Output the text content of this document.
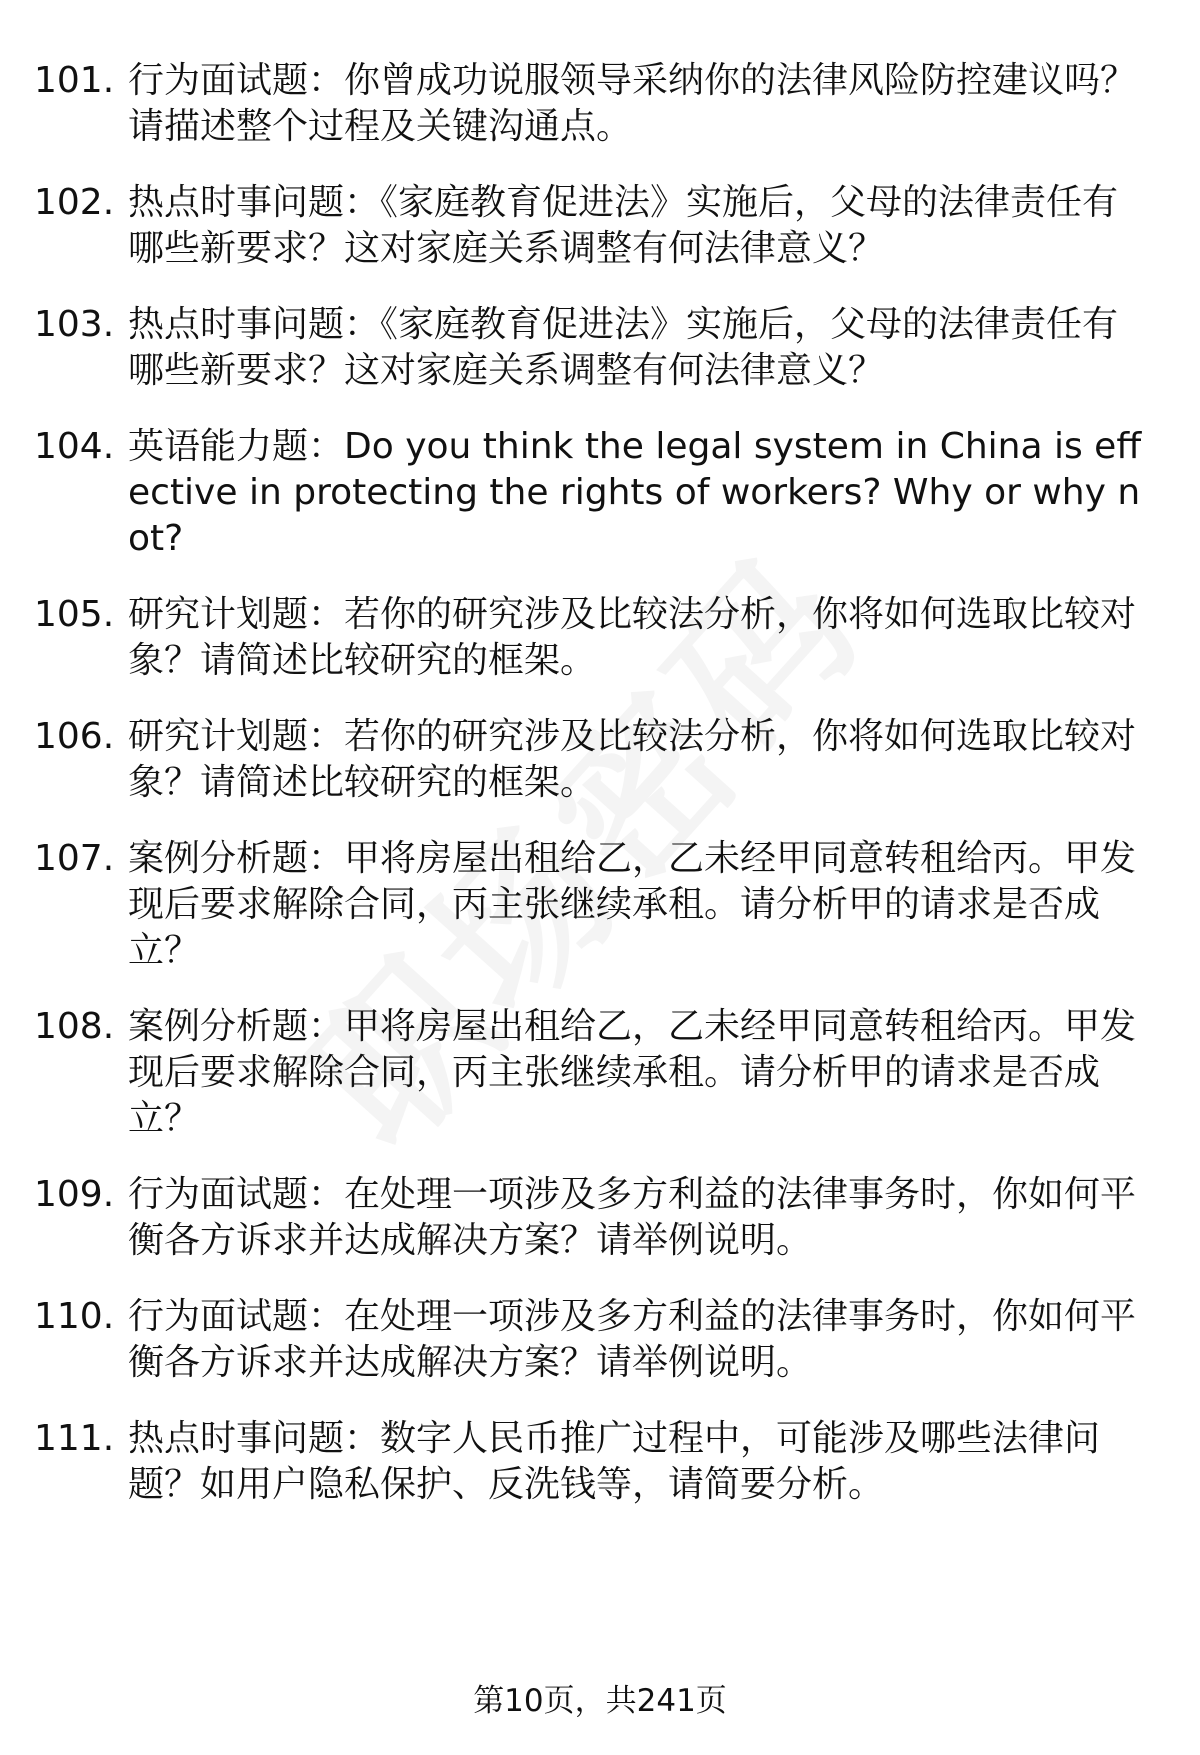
101. 行为面试题：你曾成功说服领导采纳你的法律风险防控建议吗？请描述整个过程及关键沟通点。
102. 热点时事问题：《家庭教育促进法》实施后，父母的法律责任有哪些新要求？这对家庭关系调整有何法律意义？
103. 热点时事问题：《家庭教育促进法》实施后，父母的法律责任有哪些新要求？这对家庭关系调整有何法律意义？
104. 英语能力题：Do you think the legal system in China is effective in protecting the rights of workers? Why or why not?
105. 研究计划题：若你的研究涉及比较法分析，你将如何选取比较对象？请简述比较研究的框架。
106. 研究计划题：若你的研究涉及比较法分析，你将如何选取比较对象？请简述比较研究的框架。
107. 案例分析题：甲将房屋出租给乙，乙未经甲同意转租给丙。甲发现后要求解除合同，丙主张继续承租。请分析甲的请求是否成立？
108. 案例分析题：甲将房屋出租给乙，乙未经甲同意转租给丙。甲发现后要求解除合同，丙主张继续承租。请分析甲的请求是否成立？
109. 行为面试题：在处理一项涉及多方利益的法律事务时，你如何平衡各方诉求并达成解决方案？请举例说明。
110. 行为面试题：在处理一项涉及多方利益的法律事务时，你如何平衡各方诉求并达成解决方案？请举例说明。
111. 热点时事问题：数字人民币推广过程中，可能涉及哪些法律问题？如用户隐私保护、反洗钱等，请简要分析。
第10页，共241页
